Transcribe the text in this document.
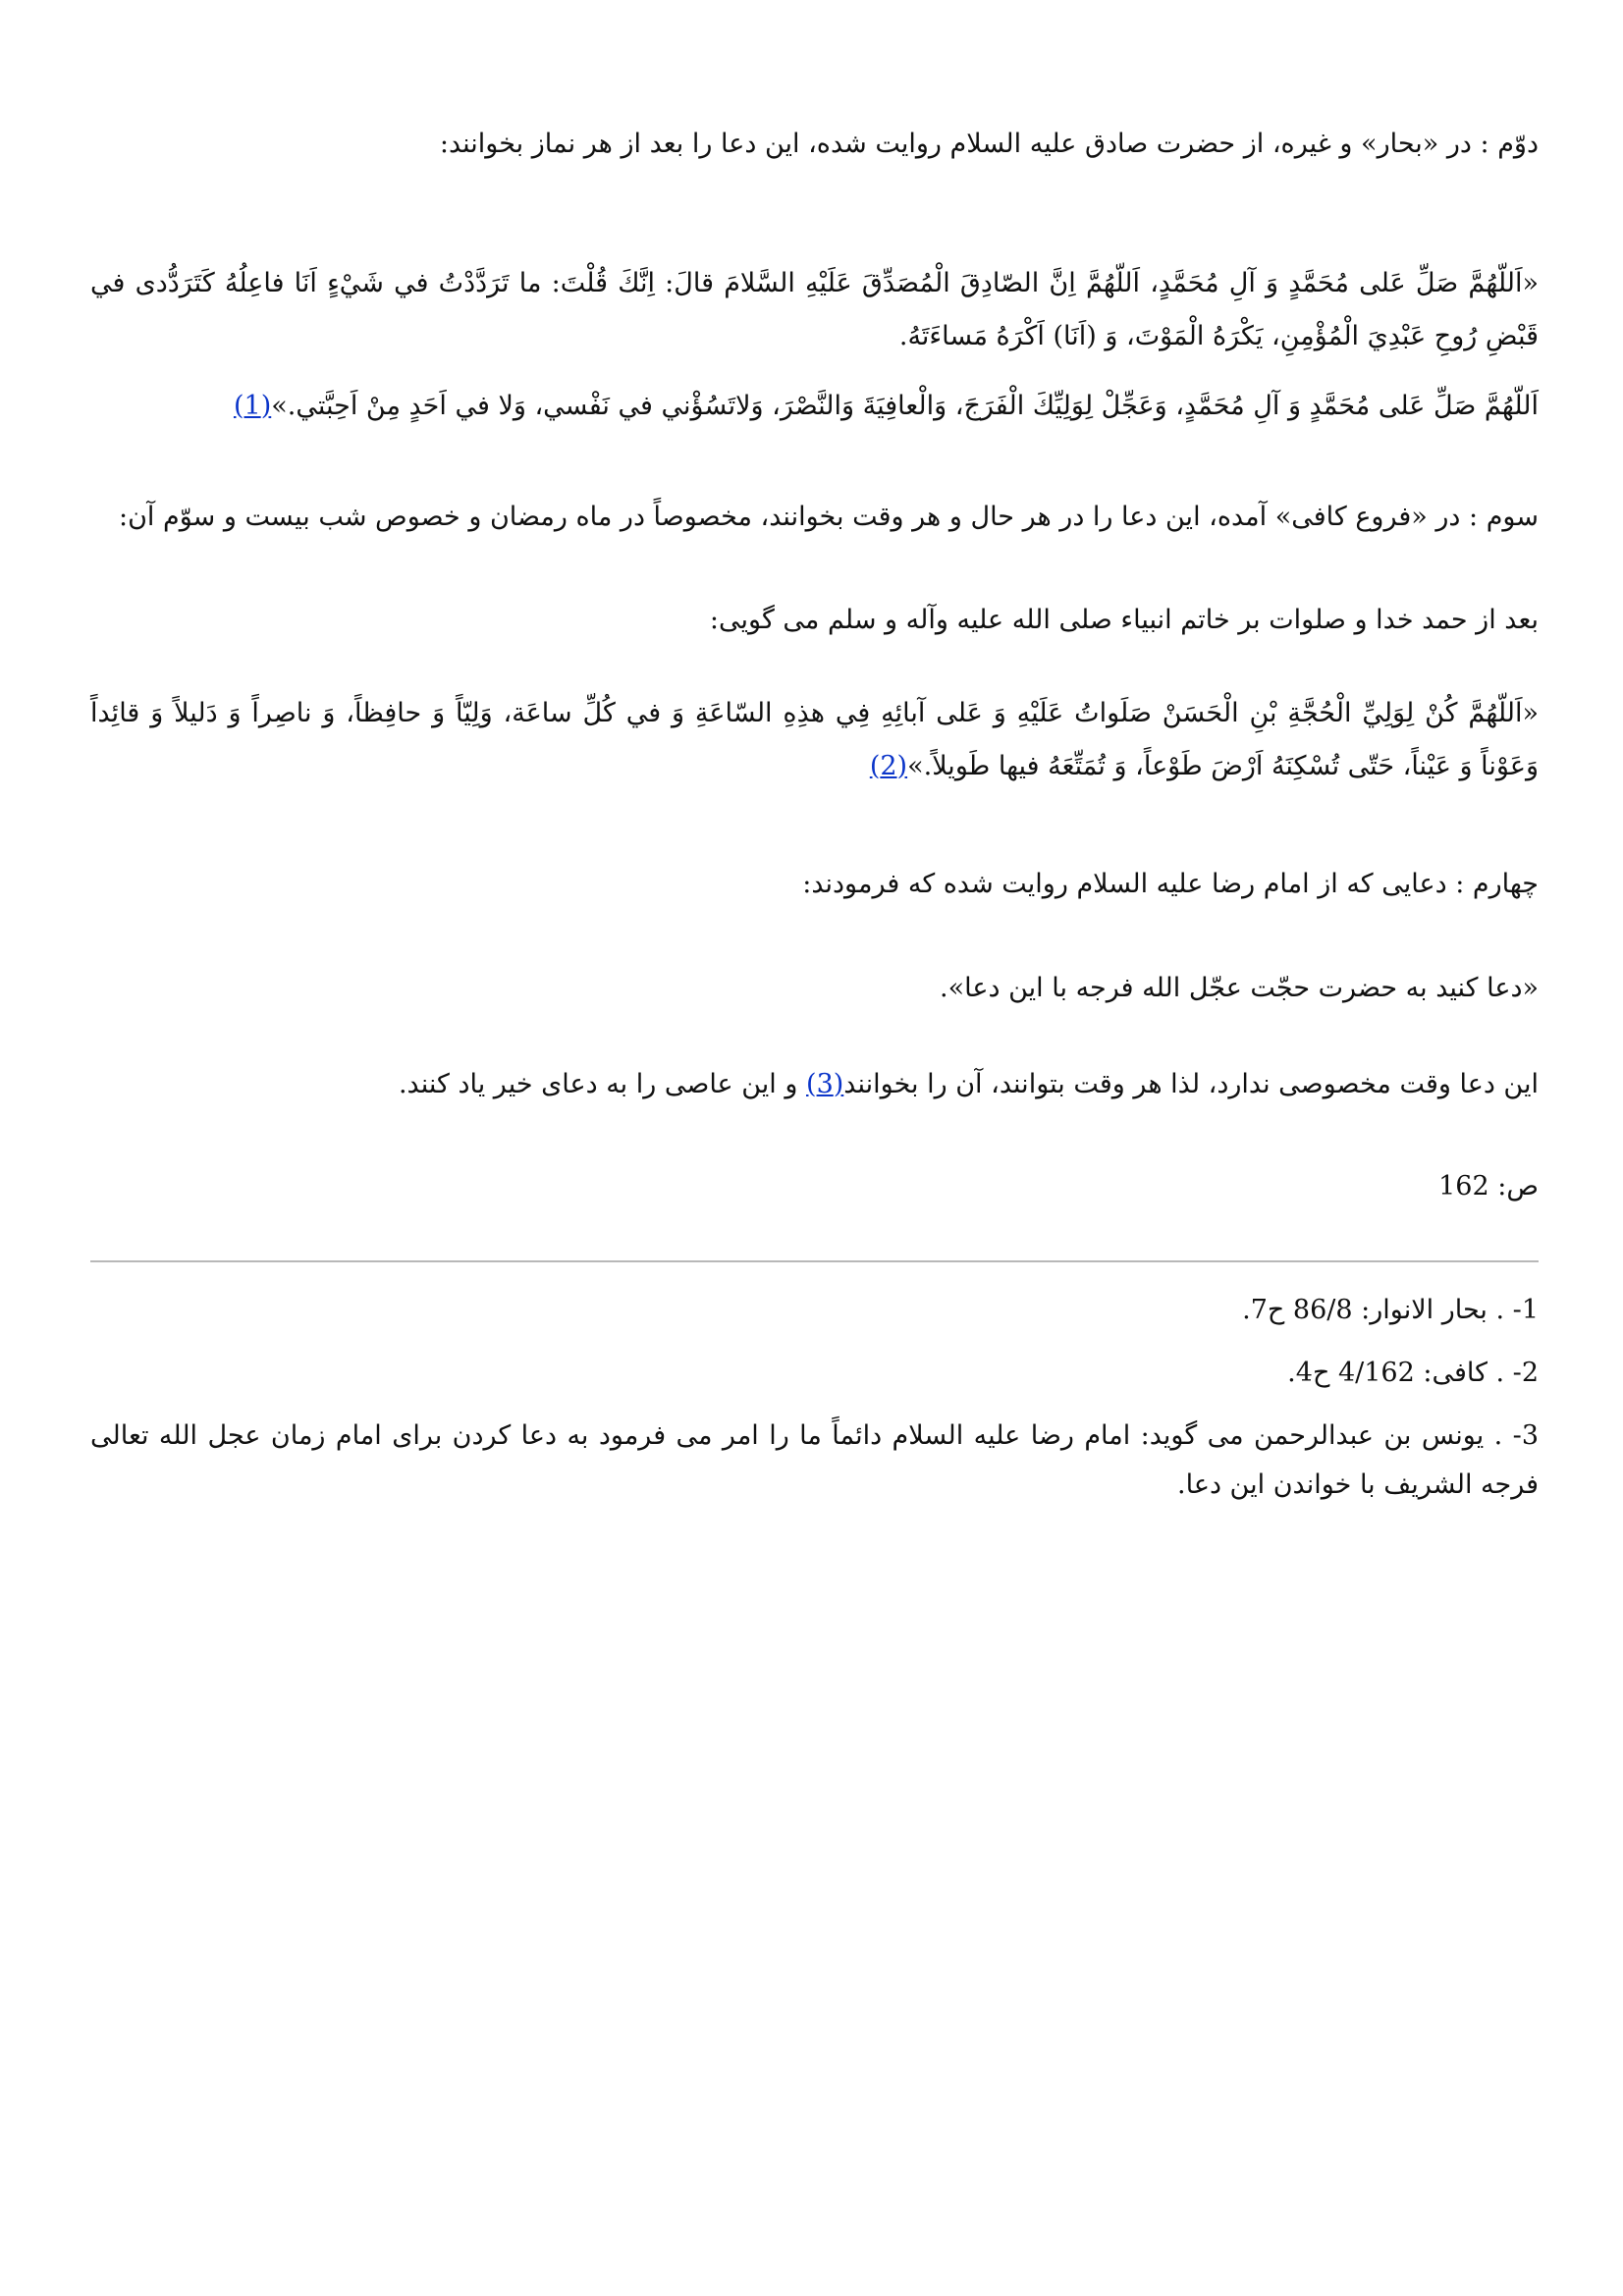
دوّم : در «بحار» و غيره، از حضرت صادق عليه السلام روايت شده، اين دعا را بعد از هر نماز بخوانند:

«اَللّهُمَّ صَلِّ عَلى مُحَمَّدٍ وَ آلِ مُحَمَّدٍ، اَللّهُمَّ اِنَّ الصّادِقَ الْمُصَدِّقَ عَلَيْهِ السَّلامَ قالَ: اِنَّكَ قُلْتَ: ما تَرَدَّدْتُ في شَيْءٍ اَنَا فاعِلُهُ كَتَرَدُّدى في قَبْضِ رُوحِ عَبْدِيَ الْمُؤْمِنِ، يَكْرَهُ الْمَوْتَ، وَ (اَنَا) اَكْرَهُ مَساءَتَهُ.

اَللّهُمَّ صَلِّ عَلى مُحَمَّدٍ وَ آلِ مُحَمَّدٍ، وَعَجِّلْ لِوَلِيِّكَ الْفَرَجَ، وَالْعافِيَةَ وَالنَّصْرَ، وَلاتَسُؤْني في نَفْسي، وَلا في اَحَدٍ مِنْ اَحِبَّتي.»(1)

سوم : در «فروع كافى» آمده، اين دعا را در هر حال و هر وقت بخوانند، مخصوصاً در ماه رمضان و خصوص شب بيست و سوّم آن:

بعد از حمد خدا و صلوات بر خاتم انبياء صلى الله عليه وآله و سلم مى گويى:

«اَللّهُمَّ كُنْ لِوَلِيِّ الْحُجَّةِ بْنِ الْحَسَنْ صَلَواتُ عَلَيْهِ وَ عَلى آبائِهِ فِي هذِهِ السّاعَةِ وَ في كُلِّ ساعَة، وَلِيّاً وَ حافِظاً، وَ ناصِراً وَ دَليلاً وَ قائِداً وَعَوْناً وَ عَيْناً، حَتّى تُسْكِنَهُ اَرْضَ طَوْعاً، وَ تُمَتِّعَهُ فيها طَويلاً.»(2)

چهارم : دعايى كه از امام رضا عليه السلام روايت شده كه فرمودند:

«دعا كنيد به حضرت حجّت عجّل الله فرجه با اين دعا».

اين دعا وقت مخصوصى ندارد، لذا هر وقت بتوانند، آن را بخوانند(3) و اين عاصى را به دعاى خير ياد كنند.

ص: 162

1- . بحار الانوار: 86/8 ح7.

2- . كافى: 4/162 ح4.

3- . يونس بن عبدالرحمن مى گويد: امام رضا عليه السلام دائماً ما را امر مى فرمود به دعا كردن براى امام زمان عجل الله تعالى فرجه الشريف با خواندن اين دعا.
